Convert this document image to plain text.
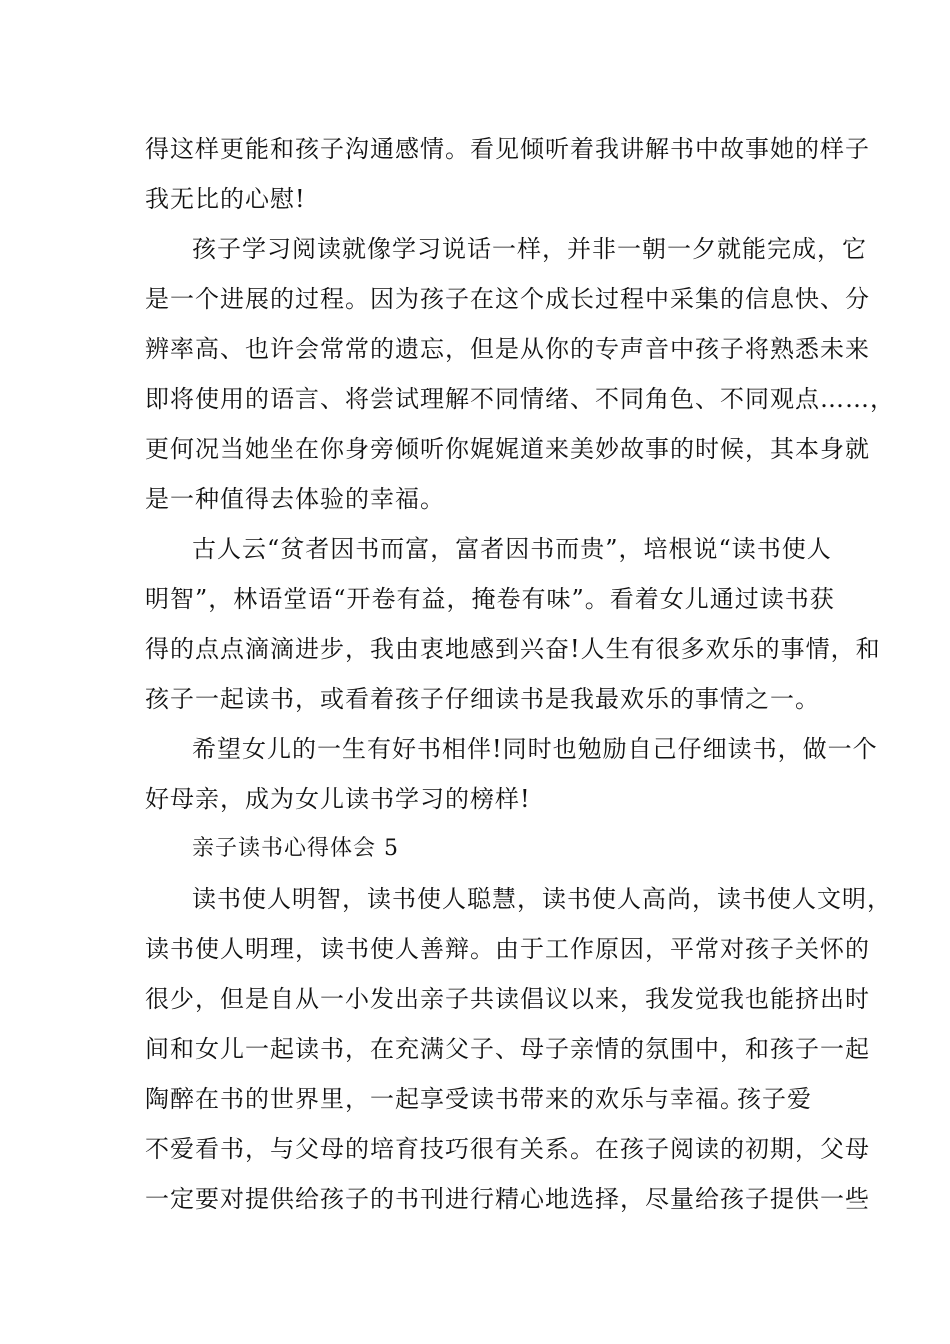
得这样更能和孩子沟通感情。看见倾听着我讲解书中故事她的样子
我无比的心慰!
孩子学习阅读就像学习说话一样，并非一朝一夕就能完成，它
是一个进展的过程。因为孩子在这个成长过程中采集的信息快、分
辨率高、也许会常常的遗忘，但是从你的专声音中孩子将熟悉未来
即将使用的语言、将尝试理解不同情绪、不同角色、不同观点……，
更何况当她坐在你身旁倾听你娓娓道来美妙故事的时候，其本身就
是一种值得去体验的幸福。
古人云“贫者因书而富，富者因书而贵”，培根说“读书使人
明智”，林语堂语“开卷有益，掩卷有味”。看着女儿通过读书获
得的点点滴滴进步，我由衷地感到兴奋!人生有很多欢乐的事情，和
孩子一起读书，或看着孩子仔细读书是我最欢乐的事情之一。
希望女儿的一生有好书相伴!同时也勉励自己仔细读书，做一个
好母亲，成为女儿读书学习的榜样!
亲子读书心得体会 5
读书使人明智，读书使人聪慧，读书使人高尚，读书使人文明，
读书使人明理，读书使人善辩。由于工作原因，平常对孩子关怀的
很少，但是自从一小发出亲子共读倡议以来，我发觉我也能挤出时
间和女儿一起读书，在充满父子、母子亲情的氛围中，和孩子一起
陶醉在书的世界里，一起享受读书带来的欢乐与幸福。
孩子爱
不爱看书，与父母的培育技巧很有关系。在孩子阅读的初期，父母
一定要对提供给孩子的书刊进行精心地选择，尽量给孩子提供一些
